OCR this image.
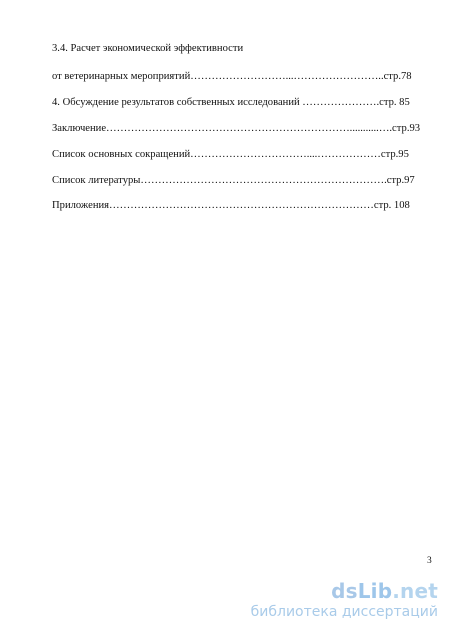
3.4. Расчет экономической эффективности

от ветеринарных мероприятий………………………...……………………..стр.78

4. Обсуждение результатов собственных исследований ………………….стр. 85

Заключение……………………………………………………………...........….стр.93

Список основных сокращений……………………………....………………стр.95

Список литературы…………………………………………………………….стр.97

Приложения…………………………………………………………………стр. 108

3
dsLib.net
библиотека диссертаций
